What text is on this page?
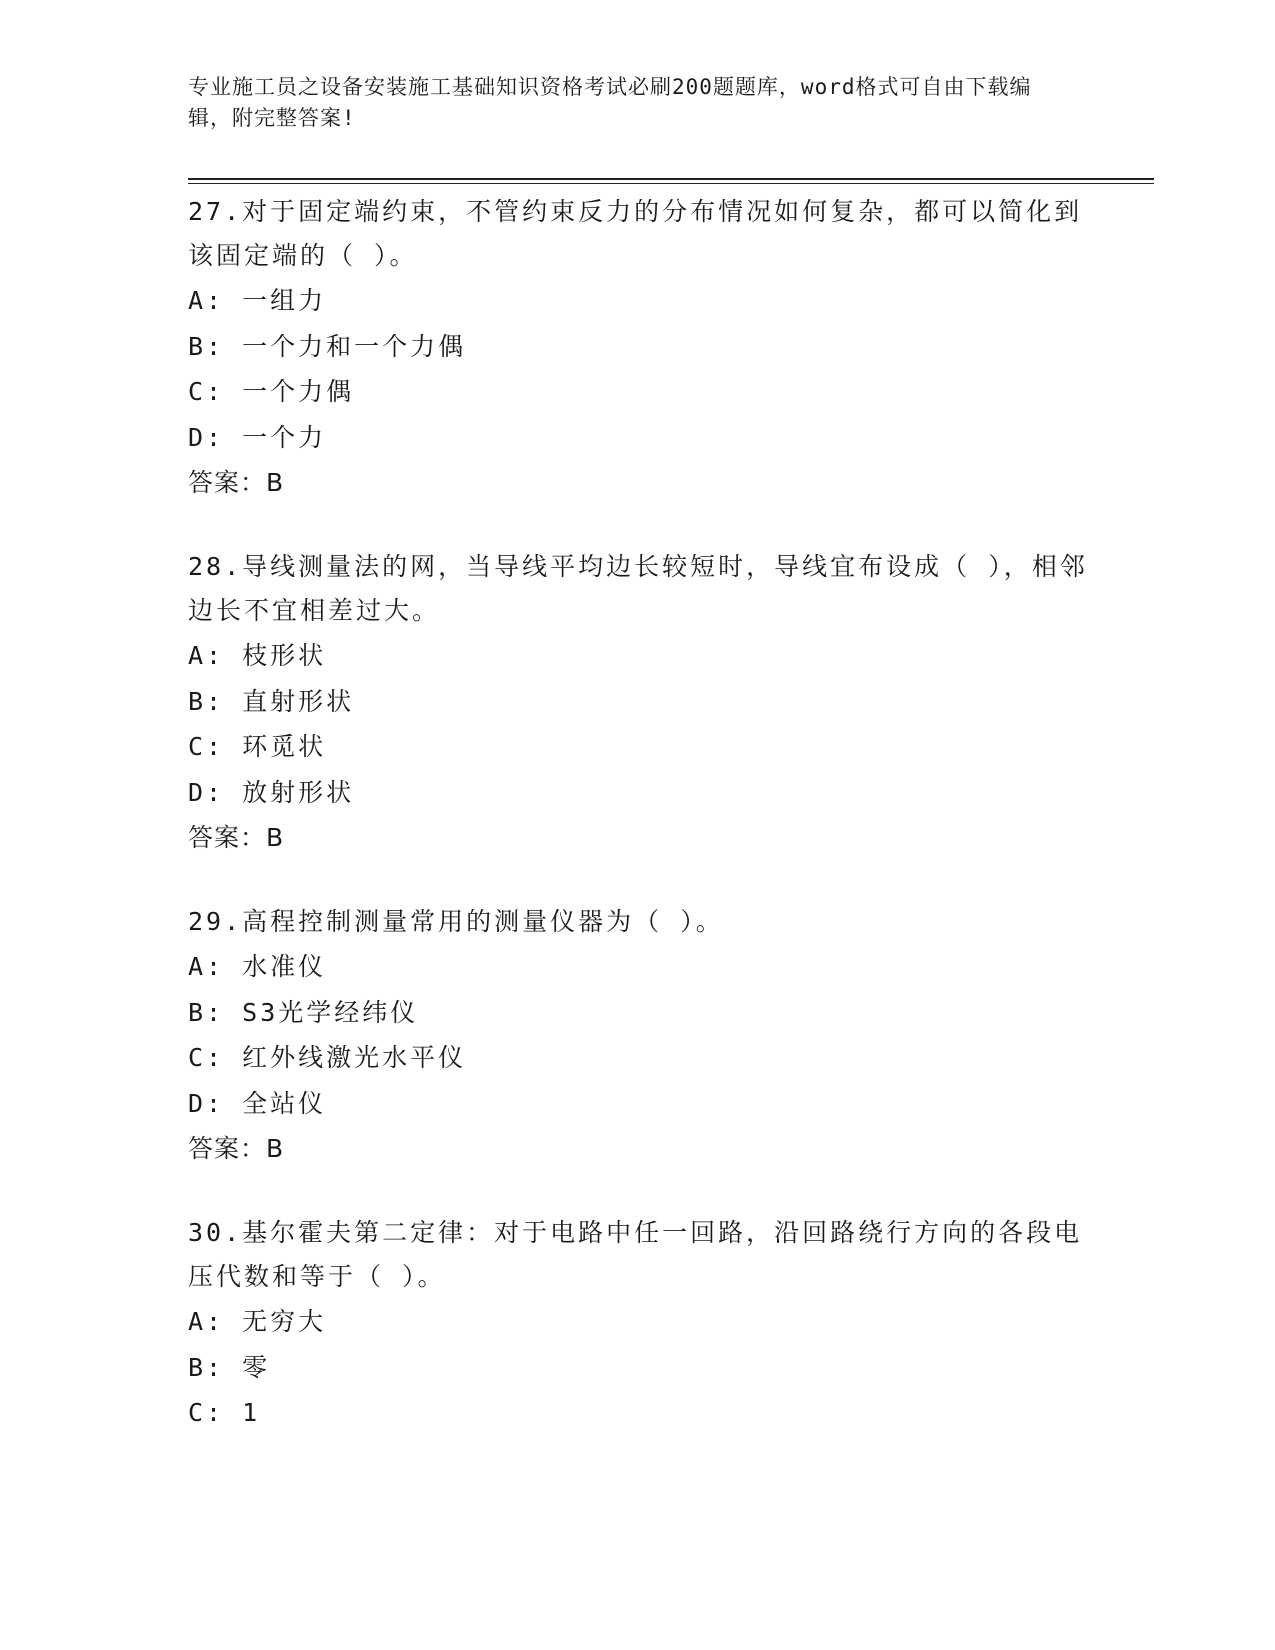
专业施工员之设备安装施工基础知识资格考试必刷200题题库，word格式可自由下载编辑，附完整答案!

27.对于固定端约束，不管约束反力的分布情况如何复杂，都可以简化到该固定端的（ ）。

A: 一组力
B: 一个力和一个力偶
C: 一个力偶
D: 一个力
答案：B

28.导线测量法的网，当导线平均边长较短时，导线宜布设成（ ），相邻边长不宜相差过大。

A: 枝形状
B: 直射形状
C: 环觅状
D: 放射形状
答案：B

29.高程控制测量常用的测量仪器为（ ）。

A: 水准仪
B: S3光学经纬仪
C: 红外线激光水平仪
D: 全站仪
答案：B

30.基尔霍夫第二定律：对于电路中任一回路，沿回路绕行方向的各段电压代数和等于（ ）。

A: 无穷大
B: 零
C: 1
